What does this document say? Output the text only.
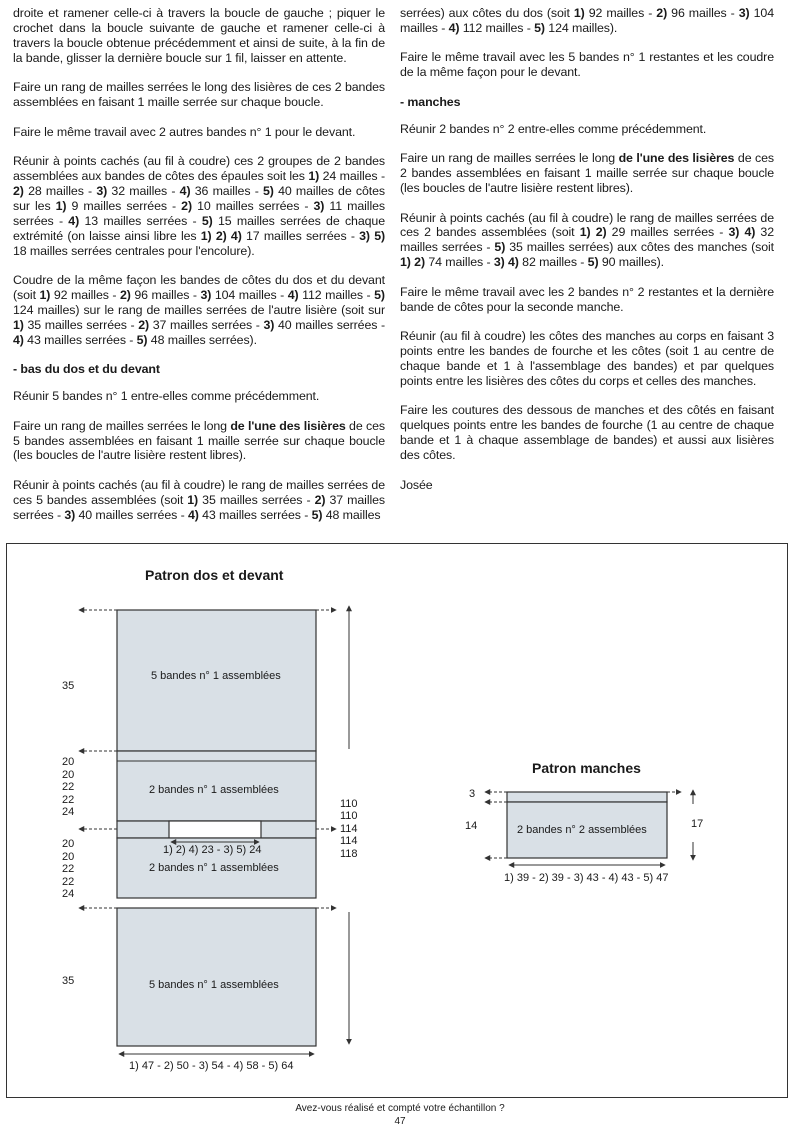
droite et ramener celle-ci à travers la boucle de gauche ; piquer le crochet dans la boucle suivante de gauche et ramener celle-ci à travers la boucle obtenue précédemment et ainsi de suite, à la fin de la bande, glisser la dernière boucle sur 1 fil, laisser en attente.

Faire un rang de mailles serrées le long des lisières de ces 2 bandes assemblées en faisant 1 maille serrée sur chaque boucle.

Faire le même travail avec 2 autres bandes n° 1 pour le devant.

Réunir à points cachés (au fil à coudre) ces 2 groupes de 2 bandes assemblées aux bandes de côtes des épaules soit les 1) 24 mailles - 2) 28 mailles - 3) 32 mailles - 4) 36 mailles - 5) 40 mailles de côtes sur les 1) 9 mailles serrées - 2) 10 mailles serrées - 3) 11 mailles serrées - 4) 13 mailles serrées - 5) 15 mailles serrées de chaque extrémité (on laisse ainsi libre les 1) 2) 4) 17 mailles serrées - 3) 5) 18 mailles serrées centrales pour l'encolure).

Coudre de la même façon les bandes de côtes du dos et du devant (soit 1) 92 mailles - 2) 96 mailles - 3) 104 mailles - 4) 112 mailles - 5) 124 mailles) sur le rang de mailles serrées de l'autre lisière (soit sur 1) 35 mailles serrées - 2) 37 mailles serrées - 3) 40 mailles serrées - 4) 43 mailles serrées - 5) 48 mailles serrées).

- bas du dos et du devant

Réunir 5 bandes n° 1 entre-elles comme précédemment.

Faire un rang de mailles serrées le long de l'une des lisières de ces 5 bandes assemblées en faisant 1 maille serrée sur chaque boucle (les boucles de l'autre lisière restent libres).

Réunir à points cachés (au fil à coudre) le rang de mailles serrées de ces 5 bandes assemblées (soit 1) 35 mailles serrées - 2) 37 mailles serrées - 3) 40 mailles serrées - 4) 43 mailles serrées - 5) 48 mailles

serrées) aux côtes du dos (soit 1) 92 mailles - 2) 96 mailles - 3) 104 mailles - 4) 112 mailles - 5) 124 mailles).

Faire le même travail avec les 5 bandes n° 1 restantes et les coudre de la même façon pour le devant.

- manches

Réunir 2 bandes n° 2 entre-elles comme précédemment.

Faire un rang de mailles serrées le long de l'une des lisières de ces 2 bandes assemblées en faisant 1 maille serrée sur chaque boucle (les boucles de l'autre lisière restent libres).

Réunir à points cachés (au fil à coudre) le rang de mailles serrées de ces 2 bandes assemblées (soit 1) 2) 29 mailles serrées - 3) 4) 32 mailles serrées - 5) 35 mailles serrées) aux côtes des manches (soit 1) 2) 74 mailles - 3) 4) 82 mailles - 5) 90 mailles).

Faire le même travail avec les 2 bandes n° 2 restantes et la dernière bande de côtes pour la seconde manche.

Réunir (au fil à coudre) les côtes des manches au corps en faisant 3 points entre les bandes de fourche et les côtes (soit 1 au centre de chaque bande et 1 à l'assemblage des bandes) et par quelques points entre les lisières des côtes du corps et celles des manches.

Faire les coutures des dessous de manches et des côtés en faisant quelques points entre les bandes de fourche (1 au centre de chaque bande et 1 à chaque assemblage de bandes) et aussi aux lisières des côtes.

Josée

Patron dos et devant
5 bandes n° 1 assemblées
2 bandes n° 1 assemblées
1) 2) 4) 23 - 3) 5) 24
2 bandes n° 1 assemblées
5 bandes n° 1 assemblées
1) 47 - 2) 50 - 3) 54 - 4) 58 - 5) 64
35
35
20
20
22
22
24
20
20
22
22
24
110
110
114
114
118
Patron manches
2 bandes n° 2 assemblées
3
14	17
1) 39 - 2) 39 - 3) 43 - 4) 43 - 5) 47
Avez-vous réalisé et compté votre échantillon ?
47
